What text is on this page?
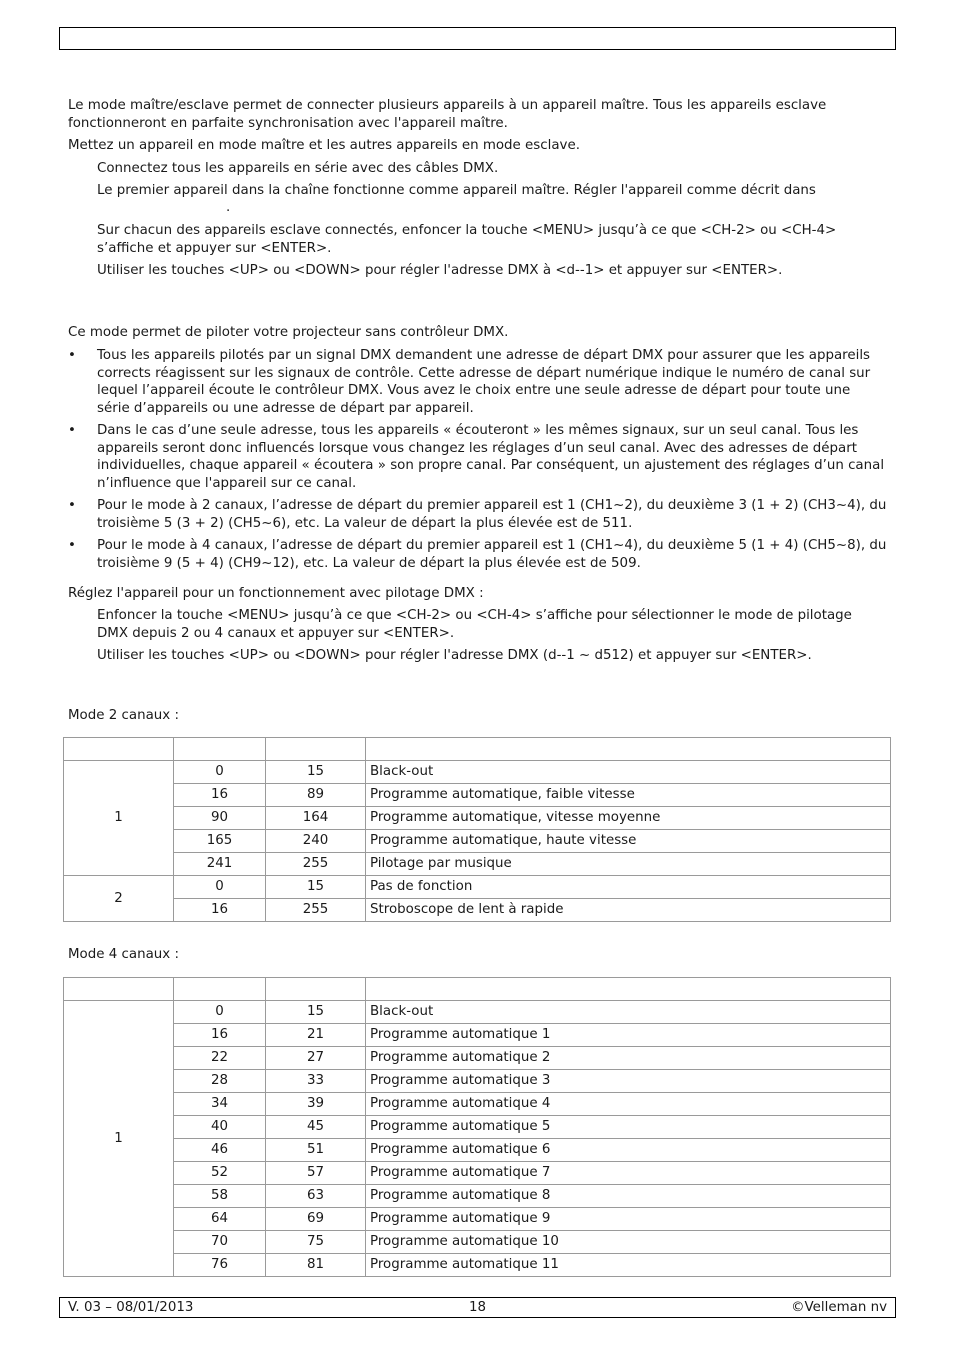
Le mode maître/esclave permet de connecter plusieurs appareils à un appareil maître. Tous les appareils esclave fonctionneront en parfaite synchronisation avec l'appareil maître.

Mettez un appareil en mode maître et les autres appareils en mode esclave.

Connectez tous les appareils en série avec des câbles DMX.

Le premier appareil dans la chaîne fonctionne comme appareil maître. Régler l'appareil comme décrit dans

.

Sur chacun des appareils esclave connectés, enfoncer la touche <MENU> jusqu’à ce que <CH-2> ou <CH-4> s’affiche et appuyer sur <ENTER>.

Utiliser les touches <UP> ou <DOWN> pour régler l'adresse DMX à <d--1> et appuyer sur <ENTER>.

Ce mode permet de piloter votre projecteur sans contrôleur DMX.

• Tous les appareils pilotés par un signal DMX demandent une adresse de départ DMX pour assurer que les appareils corrects réagissent sur les signaux de contrôle. Cette adresse de départ numérique indique le numéro de canal sur lequel l’appareil écoute le contrôleur DMX. Vous avez le choix entre une seule adresse de départ pour toute une série d’appareils ou une adresse de départ par appareil.

• Dans le cas d’une seule adresse, tous les appareils « écouteront » les mêmes signaux, sur un seul canal. Tous les appareils seront donc influencés lorsque vous changez les réglages d’un seul canal. Avec des adresses de départ individuelles, chaque appareil « écoutera » son propre canal. Par conséquent, un ajustement des réglages d’un canal n’influence que l'appareil sur ce canal.

• Pour le mode à 2 canaux, l’adresse de départ du premier appareil est 1 (CH1~2), du deuxième 3 (1 + 2) (CH3~4), du troisième 5 (3 + 2) (CH5~6), etc. La valeur de départ la plus élevée est de 511.

• Pour le mode à 4 canaux, l’adresse de départ du premier appareil est 1 (CH1~4), du deuxième 5 (1 + 4) (CH5~8), du troisième 9 (5 + 4) (CH9~12), etc. La valeur de départ la plus élevée est de 509.

Réglez l'appareil pour un fonctionnement avec pilotage DMX :

Enfoncer la touche <MENU> jusqu’à ce que <CH-2> ou <CH-4> s’affiche pour sélectionner le mode de pilotage DMX depuis 2 ou 4 canaux et appuyer sur <ENTER>.

Utiliser les touches <UP> ou <DOWN> pour régler l'adresse DMX (d--1 ~ d512) et appuyer sur <ENTER>.

Mode 2 canaux :

1	0	15	Black-out
	16	89	Programme automatique, faible vitesse
	90	164	Programme automatique, vitesse moyenne
	165	240	Programme automatique, haute vitesse
	241	255	Pilotage par musique
2	0	15	Pas de fonction
	16	255	Stroboscope de lent à rapide

Mode 4 canaux :

1	0	15	Black-out
	16	21	Programme automatique 1
	22	27	Programme automatique 2
	28	33	Programme automatique 3
	34	39	Programme automatique 4
	40	45	Programme automatique 5
	46	51	Programme automatique 6
	52	57	Programme automatique 7
	58	63	Programme automatique 8
	64	69	Programme automatique 9
	70	75	Programme automatique 10
	76	81	Programme automatique 11
18
V. 03 – 08/01/2013	©Velleman nv
